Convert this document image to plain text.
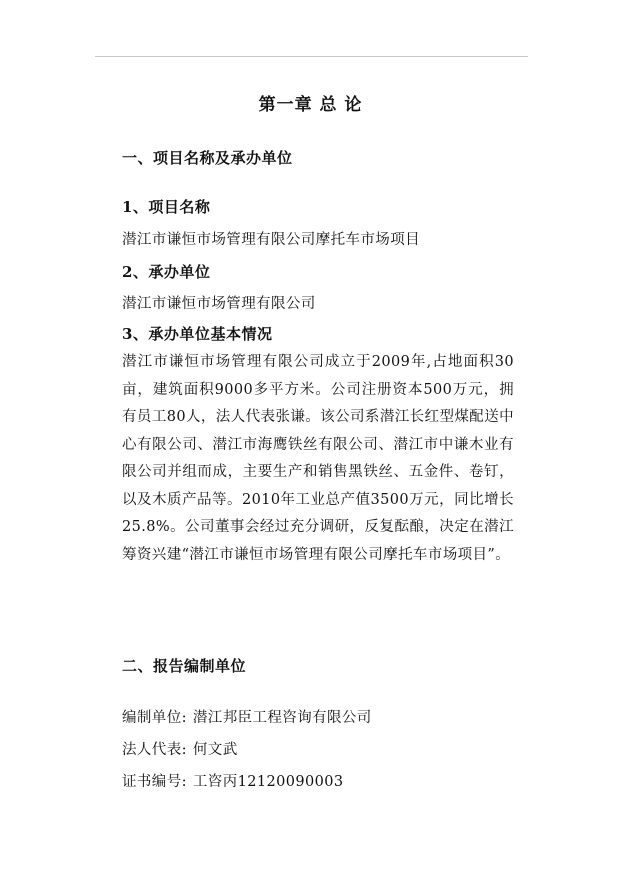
第一章 总 论
一、项目名称及承办单位
1、项目名称
潜江市谦恒市场管理有限公司摩托车市场项目
2、承办单位
潜江市谦恒市场管理有限公司
3、承办单位基本情况
潜江市谦恒市场管理有限公司成立于2009年,占地面积30亩，建筑面积9000多平方米。公司注册资本500万元，拥有员工80人，法人代表张谦。该公司系潜江长红型煤配送中心有限公司、潜江市海鹰铁丝有限公司、潜江市中谦木业有限公司并组而成，主要生产和销售黑铁丝、五金件、卷钉，以及木质产品等。2010年工业总产值3500万元，同比增长25.8%。公司董事会经过充分调研，反复酝酿，决定在潜江筹资兴建“潜江市谦恒市场管理有限公司摩托车市场项目”。
二、报告编制单位
编制单位: 潜江邦臣工程咨询有限公司
法人代表: 何文武
证书编号: 工咨丙12120090003
